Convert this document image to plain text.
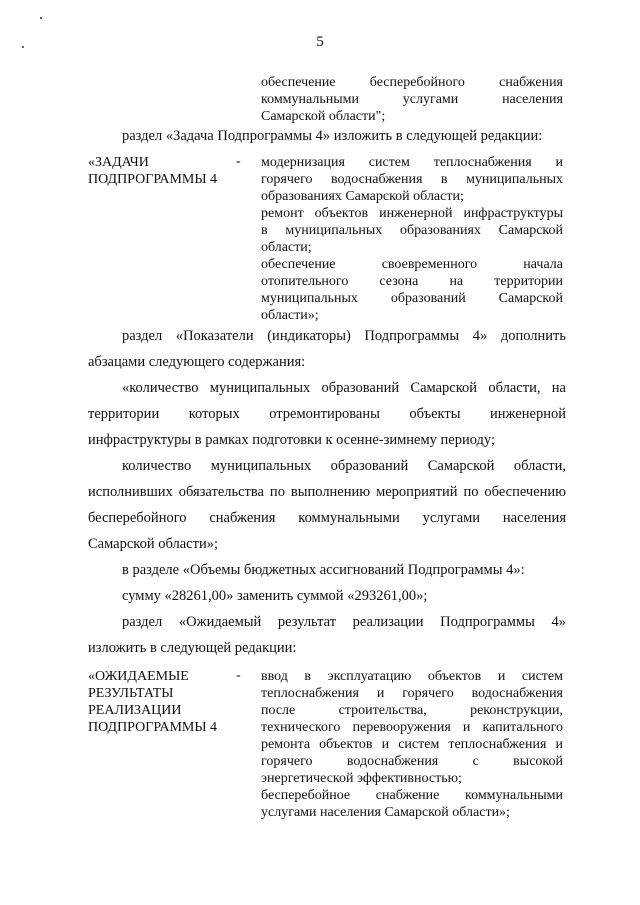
5
обеспечение бесперебойного снабжения
коммунальными услугами населения
Самарской области";
раздел «Задача Подпрограммы 4» изложить в следующей редакции:
«ЗАДАЧИ
ПОДПРОГРАММЫ 4
- модернизация систем теплоснабжения и
горячего водоснабжения в муниципальных
образованиях Самарской области;
ремонт объектов инженерной инфраструктуры
в муниципальных образованиях Самарской
области;
обеспечение своевременного начала
отопительного сезона на территории
муниципальных образований Самарской
области»;
раздел «Показатели (индикаторы) Подпрограммы 4» дополнить
абзацами следующего содержания:
«количество муниципальных образований Самарской области, на
территории которых отремонтированы объекты инженерной
инфраструктуры в рамках подготовки к осенне-зимнему периоду;
количество муниципальных образований Самарской области,
исполнивших обязательства по выполнению мероприятий по обеспечению
бесперебойного снабжения коммунальными услугами населения
Самарской области»;
в разделе «Объемы бюджетных ассигнований Подпрограммы 4»:
сумму «28261,00» заменить суммой «293261,00»;
раздел «Ожидаемый результат реализации Подпрограммы 4»
изложить в следующей редакции:
«ОЖИДАЕМЫЕ
РЕЗУЛЬТАТЫ
РЕАЛИЗАЦИИ
ПОДПРОГРАММЫ 4
- ввод в эксплуатацию объектов и систем
теплоснабжения и горячего водоснабжения
после строительства, реконструкции,
технического перевооружения и капитального
ремонта объектов и систем теплоснабжения и
горячего водоснабжения с высокой
энергетической эффективностью;
бесперебойное снабжение коммунальными
услугами населения Самарской области»;
